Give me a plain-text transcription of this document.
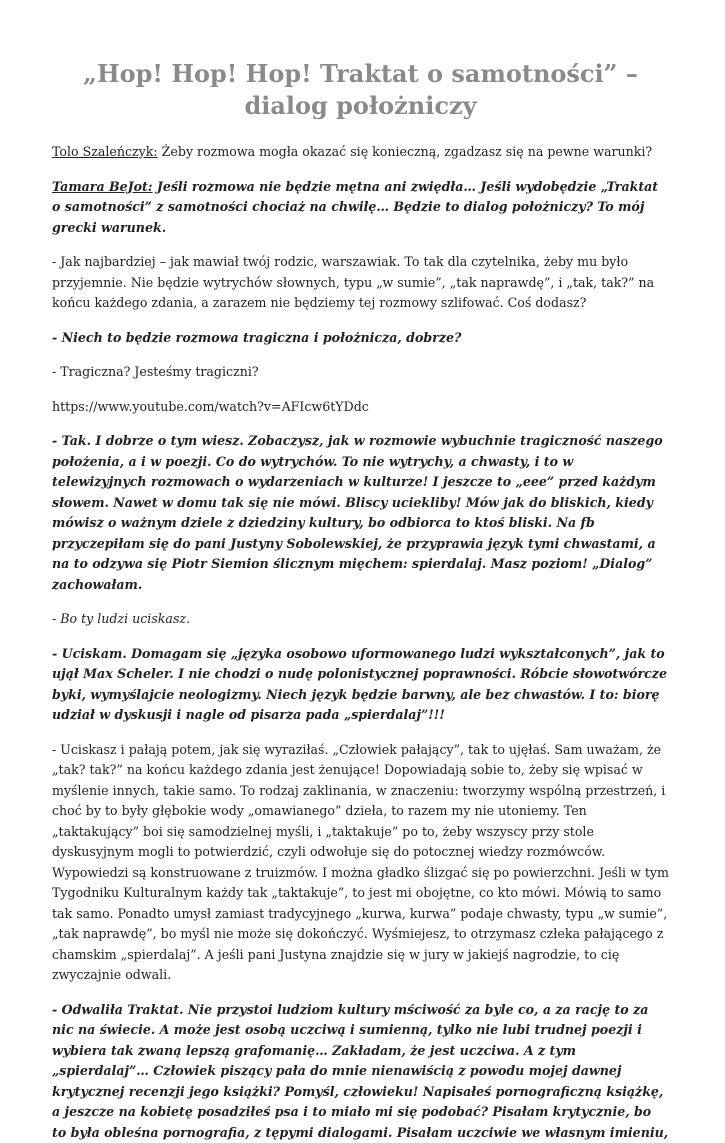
„Hop! Hop! Hop! Traktat o samotności” – dialog położniczy

Tolo Szaleńczyk: Żeby rozmowa mogła okazać się konieczną, zgadzasz się na pewne warunki?

Tamara BeJot: Jeśli rozmowa nie będzie mętna ani zwiędła… Jeśli wydobędzie „Traktat o samotności” z samotności chociaż na chwilę… Będzie to dialog położniczy? To mój grecki warunek.

- Jak najbardziej – jak mawiał twój rodzic, warszawiak. To tak dla czytelnika, żeby mu było przyjemnie. Nie będzie wytrychów słownych, typu „w sumie”, „tak naprawdę”, i „tak, tak?” na końcu każdego zdania, a zarazem nie będziemy tej rozmowy szlifować. Coś dodasz?

- Niech to będzie rozmowa tragiczna i położnicza, dobrze?

- Tragiczna? Jesteśmy tragiczni?

https://www.youtube.com/watch?v=AFIcw6tYDdc

- Tak. I dobrze o tym wiesz. Zobaczysz, jak w rozmowie wybuchnie tragiczność naszego położenia, a i w poezji. Co do wytrychów. To nie wytrychy, a chwasty, i to w telewizyjnych rozmowach o wydarzeniach w kulturze! I jeszcze to „eee” przed każdym słowem. Nawet w domu tak się nie mówi. Bliscy uciekliby! Mów jak do bliskich, kiedy mówisz o ważnym dziele z dziedziny kultury, bo odbiorca to ktoś bliski. Na fb przyczepiłam się do pani Justyny Sobolewskiej, że przyprawia język tymi chwastami, a na to odzywa się Piotr Siemion ślicznym mięchem: spierdalaj. Masz poziom! „Dialog” zachowałam.

- Bo ty ludzi uciskasz.

- Uciskam. Domagam się „języka osobowo uformowanego ludzi wykształconych”, jak to ujął Max Scheler. I nie chodzi o nudę polonistycznej poprawności. Róbcie słowotwórcze byki, wymyślajcie neologizmy. Niech język będzie barwny, ale bez chwastów. I to: biorę udział w dyskusji i nagle od pisarza pada „spierdalaj”!!!

- Uciskasz i pałają potem, jak się wyraziłaś. „Człowiek pałający”, tak to ujęłaś. Sam uważam, że „tak? tak?” na końcu każdego zdania jest żenujące! Dopowiadają sobie to, żeby się wpisać w myślenie innych, takie samo. To rodzaj zaklinania, w znaczeniu: tworzymy wspólną przestrzeń, i choć by to były głębokie wody „omawianego” dzieła, to razem my nie utoniemy. Ten „taktakujący” boi się samodzielnej myśli, i „taktakuje” po to, żeby wszyscy przy stole dyskusyjnym mogli to potwierdzić, czyli odwołuje się do potocznej wiedzy rozmówców. Wypowiedzi są konstruowane z truizmów. I można gładko ślizgać się po powierzchni. Jeśli w tym Tygodniku Kulturalnym każdy tak „taktakuje”, to jest mi obojętne, co kto mówi. Mówią to samo tak samo. Ponadto umysł zamiast tradycyjnego „kurwa, kurwa” podaje chwasty, typu „w sumie”, „tak naprawdę”, bo myśl nie może się dokończyć. Wyśmiejesz, to otrzymasz człeka pałającego z chamskim „spierdalaj”. A jeśli pani Justyna znajdzie się w jury w jakiejś nagrodzie, to cię zwyczajnie odwali.

- Odwaliła Traktat. Nie przystoi ludziom kultury mściwość za byle co, a za rację to za nic na świecie. A może jest osobą uczciwą i sumienną, tylko nie lubi trudnej poezji i wybiera tak zwaną lepszą grafomanię… Zakładam, że jest uczciwa. A z tym „spierdalaj”… Człowiek piszący pała do mnie nienawiścią z powodu mojej dawnej krytycznej recenzji jego książki? Pomyśl, człowieku! Napisałeś pornograficzną książkę, a jeszcze na kobietę posadziłeś psa i to miało mi się podobać? Pisałam krytycznie, bo to była obleśna pornografia, z tępymi dialogami. Pisałam uczciwie we własnym imieniu,
